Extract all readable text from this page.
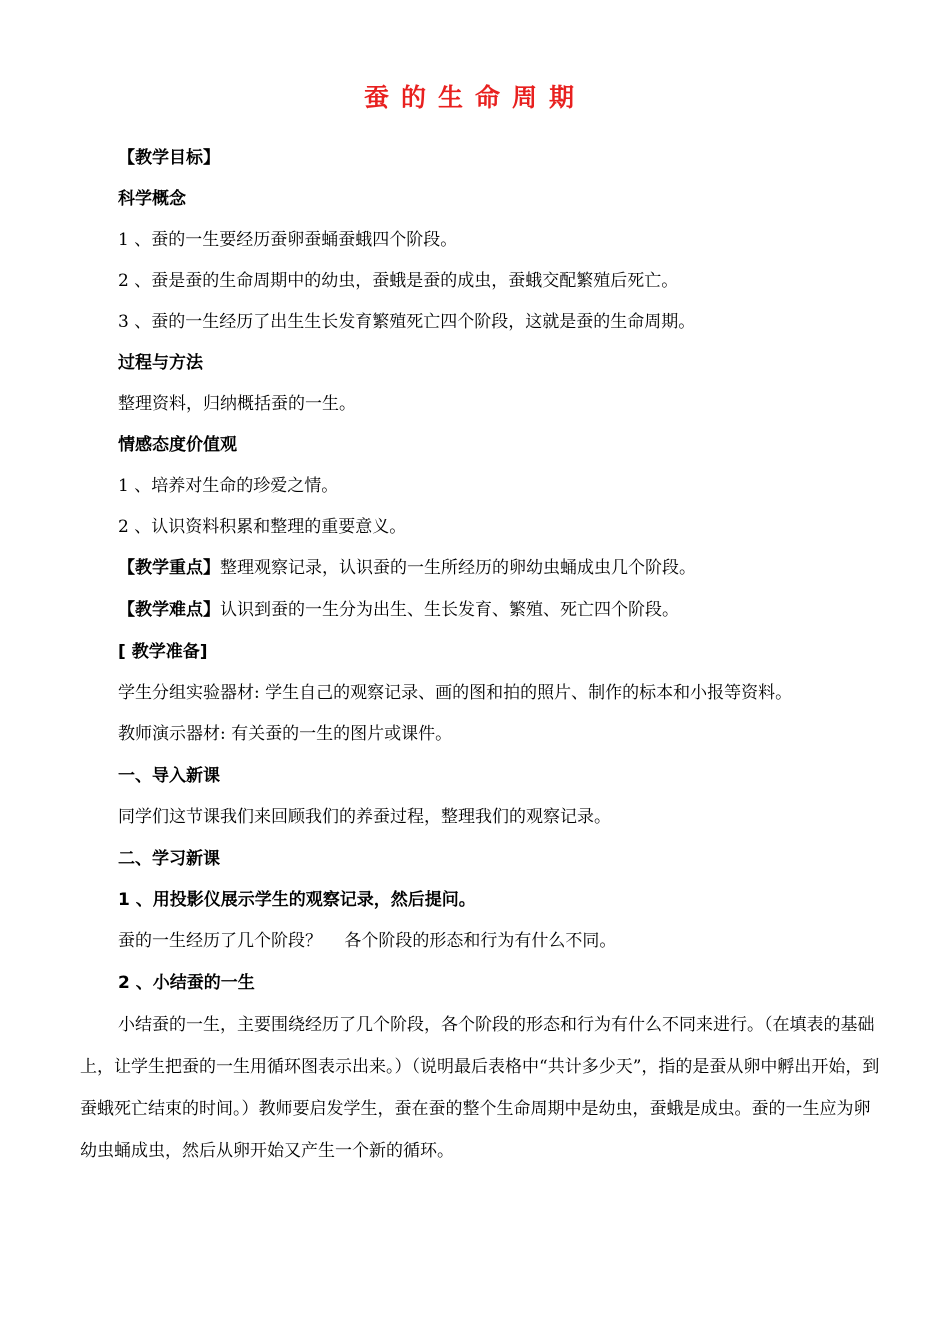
蚕的生命周期
【教学目标】
科学概念
1 、蚕的一生要经历蚕卵蚕蛹蚕蛾四个阶段。
2 、蚕是蚕的生命周期中的幼虫，蚕蛾是蚕的成虫，蚕蛾交配繁殖后死亡。
3 、蚕的一生经历了出生生长发育繁殖死亡四个阶段，这就是蚕的生命周期。
过程与方法
整理资料，归纳概括蚕的一生。
情感态度价值观
1 、培养对生命的珍爱之情。
2 、认识资料积累和整理的重要意义。
【教学重点】整理观察记录，认识蚕的一生所经历的卵幼虫蛹成虫几个阶段。
【教学难点】认识到蚕的一生分为出生、生长发育、繁殖、死亡四个阶段。
[ 教学准备]
学生分组实验器材: 学生自己的观察记录、画的图和拍的照片、制作的标本和小报等资料。
教师演示器材: 有关蚕的一生的图片或课件。
一、导入新课
同学们这节课我们来回顾我们的养蚕过程，整理我们的观察记录。
二、学习新课
1 、用投影仪展示学生的观察记录，然后提问。
蚕的一生经历了几个阶段？　 各个阶段的形态和行为有什么不同。
2 、小结蚕的一生
小结蚕的一生，主要围绕经历了几个阶段，各个阶段的形态和行为有什么不同来进行。（在填表的基础上，让学生把蚕的一生用循环图表示出来。）（说明最后表格中“共计多少天”，指的是蚕从卵中孵出开始，到蚕蛾死亡结束的时间。）教师要启发学生，蚕在蚕的整个生命周期中是幼虫，蚕蛾是成虫。蚕的一生应为卵幼虫蛹成虫，然后从卵开始又产生一个新的循环。
